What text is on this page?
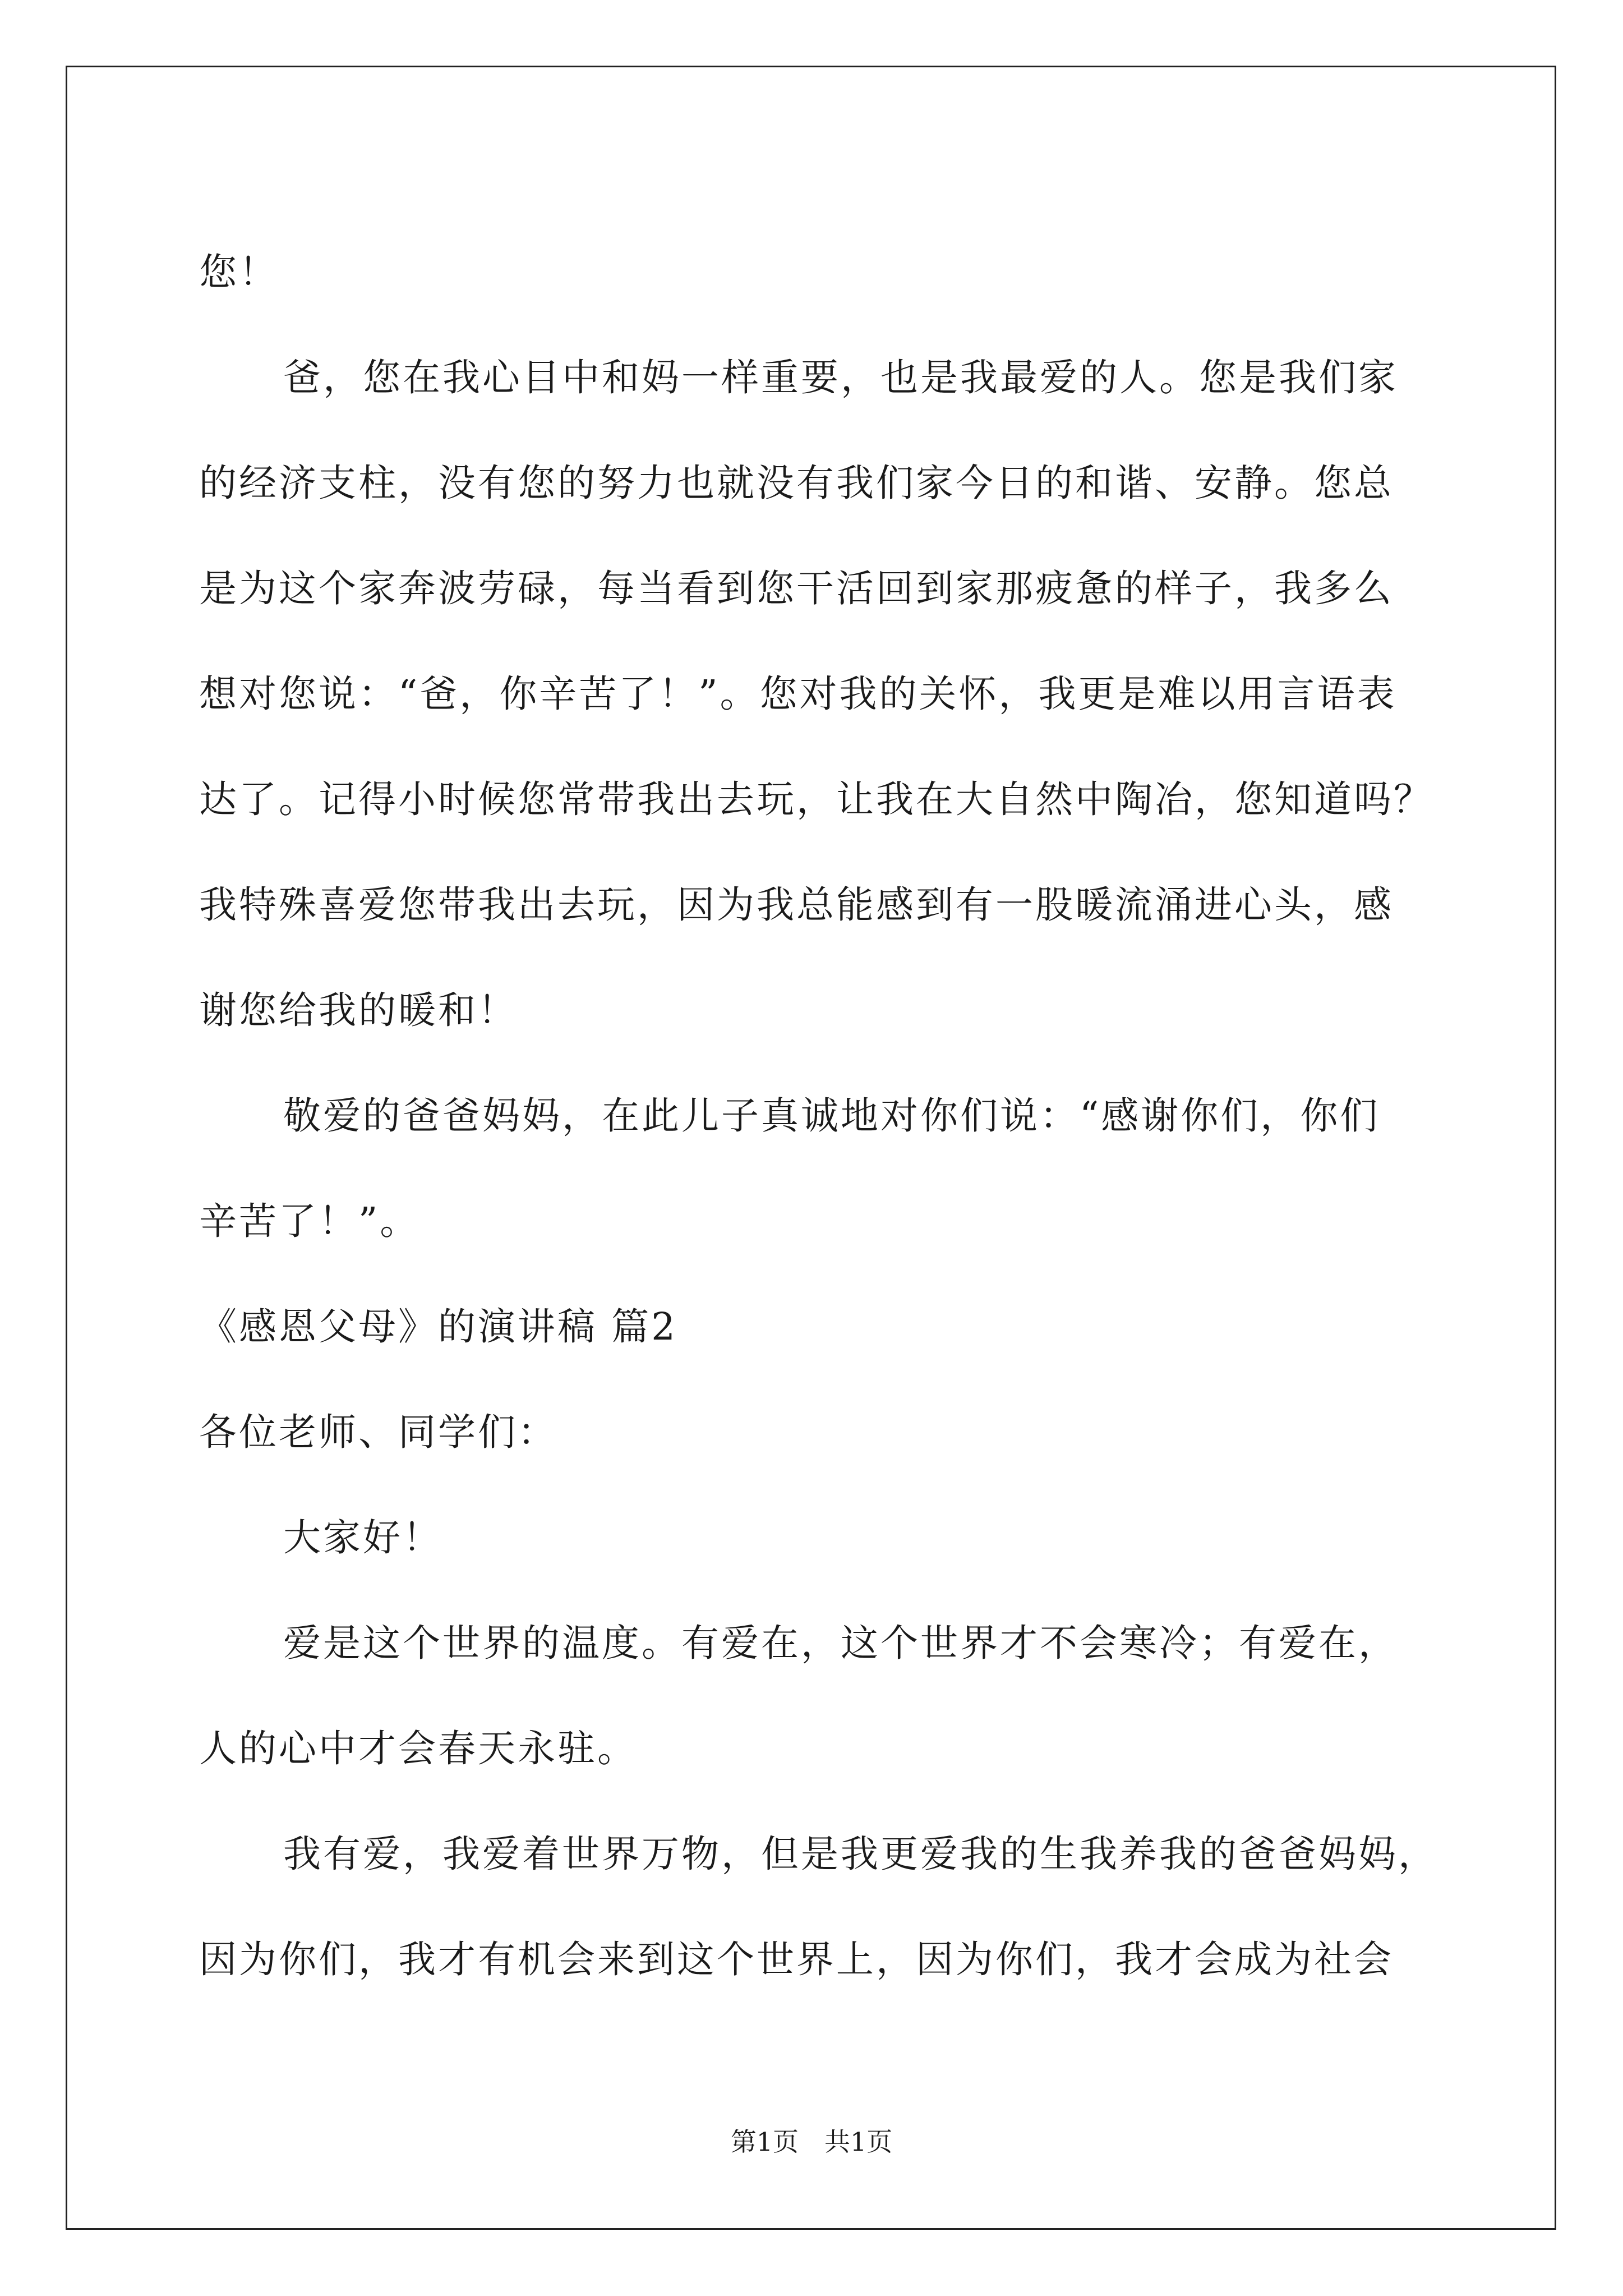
您！

爸，您在我心目中和妈一样重要，也是我最爱的人。您是我们家

的经济支柱，没有您的努力也就没有我们家今日的和谐、安静。您总

是为这个家奔波劳碌，每当看到您干活回到家那疲惫的样子，我多么

想对您说：“爸，你辛苦了！”。您对我的关怀，我更是难以用言语表

达了。记得小时候您常带我出去玩，让我在大自然中陶冶，您知道吗？

我特殊喜爱您带我出去玩，因为我总能感到有一股暖流涌进心头，感

谢您给我的暖和！

敬爱的爸爸妈妈，在此儿子真诚地对你们说：“感谢你们，你们

辛苦了！”。

《感恩父母》的演讲稿 篇2

各位老师、同学们：

大家好！

爱是这个世界的温度。有爱在，这个世界才不会寒冷；有爱在，

人的心中才会春天永驻。

我有爱，我爱着世界万物，但是我更爱我的生我养我的爸爸妈妈，

因为你们，我才有机会来到这个世界上，因为你们，我才会成为社会

第1页 共1页
